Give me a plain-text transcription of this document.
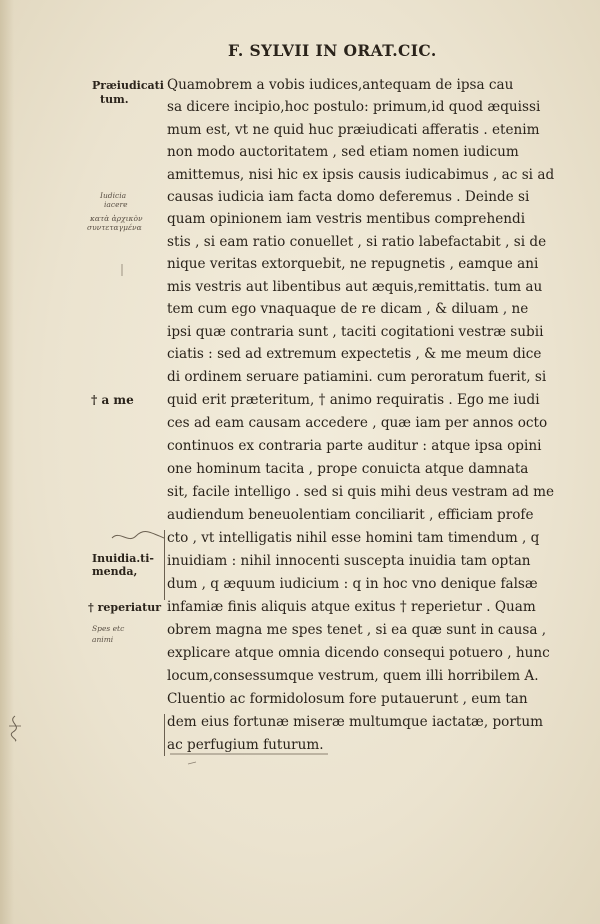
F. SYLVII IN ORAT.CIC.
Quamobrem a vobis iudices,antequam de ipsa cau
sa dicere incipio,hoc postulo: primum,id quod æquissi
mum est, vt ne quid huc præiudicati afferatis . etenim
non modo auctoritatem , sed etiam nomen iudicum
amittemus, nisi hic ex ipsis causis iudicabimus , ac si ad
causas iudicia iam facta domo deferemus . Deinde si
quam opinionem iam vestris mentibus comprehendi
stis , si eam ratio conuellet , si ratio labefactabit , si de
nique veritas extorquebit, ne repugnetis , eamque ani
mis vestris aut libentibus aut æquis,remittatis. tum au
tem cum ego vnaquaque de re dicam , & diluam , ne
ipsi quæ contraria sunt , taciti cogitationi vestræ subii
ciatis : sed ad extremum expectetis , & me meum dice
di ordinem seruare patiamini. cum peroratum fuerit, si
quid erit præteritum, † animo requiratis . Ego me iudi
ces ad eam causam accedere , quæ iam per annos octo
continuos ex contraria parte auditur : atque ipsa opini
one hominum tacita , prope conuicta atque damnata
sit, facile intelligo . sed si quis mihi deus vestram ad me
audiendum beneuolentiam conciliarit , efficiam profe
cto , vt intelligatis nihil esse homini tam timendum , q
inuidiam : nihil innocenti suscepta inuidia tam optan
dum , q æquum iudicium : q in hoc vno denique falsæ
infamiæ finis aliquis atque exitus † reperietur . Quam
obrem magna me spes tenet , si ea quæ sunt in causa ,
explicare atque omnia dicendo consequi potuero , hunc
locum,consessumque vestrum, quem illi horribilem A.
Cluentio ac formidolosum fore putauerunt , eum tan
dem eius fortunæ miseræ multumque iactatæ, portum
ac perfugium futurum.
Præiudicati
tum.
† a me
Inuidia.ti-
menda,
† reperiatur
Iudicia
iacere
κατὰ ἀρχικὸν
συντεταγμένα
Spes etc
animi
